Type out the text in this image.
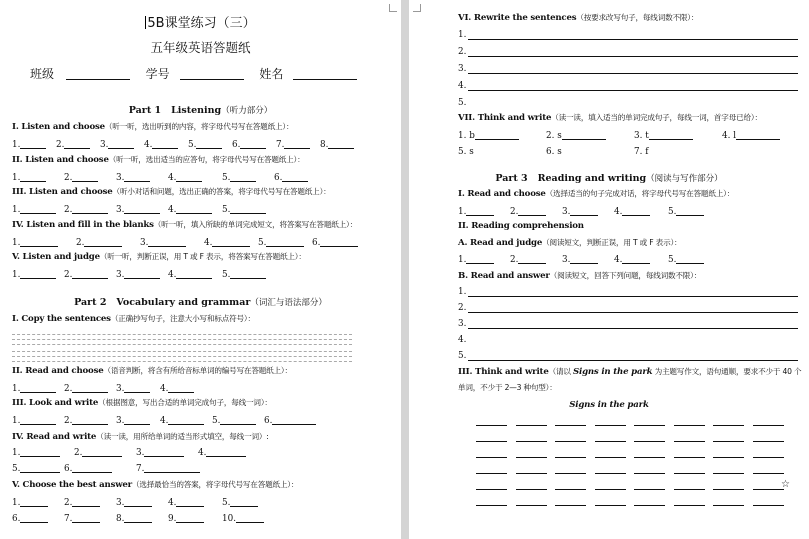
5B课堂练习（三）
五年级英语答题纸
班级	学号	姓名
Part 1 Listening（听力部分）
I. Listen and choose（听一听，选出听到的内容，将字母代号写在答题纸上）：
1.	2.	3.	4.	5.	6.	7.	8.
II. Listen and choose（听一听，选出适当的应答句，将字母代号写在答题纸上）：
1.	2.	3.	4.	5.	6.
III. Listen and choose（听小对话和问题，选出正确的答案，将字母代号写在答题纸上）：
1.	2.	3.	4.	5.
IV. Listen and fill in the blanks（听一听，填入所缺的单词完成短文，将答案写在答题纸上）：
1.	2.	3.	4.	5.	6.
V. Listen and judge（听一听，判断正误，用 T 或 F 表示，将答案写在答题纸上）：
1.	2.	3.	4.	5.
Part 2 Vocabulary and grammar（词汇与语法部分）
I. Copy the sentences（正确抄写句子，注意大小写和标点符号）：
II. Read and choose（语音判断，将含有所给音标单词的编号写在答题纸上）：
1.	2.	3.	4.
III. Look and write（根据图意，写出合适的单词完成句子，每线一词）：
1.	2.	3.	4.	5.	6.
IV. Read and write（读一读，用所给单词的适当形式填空，每线一词）:
1.	2.	3.	4.
5.	6.	7.
V. Choose the best answer（选择最恰当的答案，将字母代号写在答题纸上）：
1.	2.	3.	4.	5.
6.	7.	8.	9.	10.
VI. Rewrite the sentences（按要求改写句子，每线词数不限）：
1.
2.
3.
4.
5.
VII. Think and write（读一读，填入适当的单词完成句子，每线一词，首字母已给）：
1. b	2. s	3. t	4. l
5. s	6. s	7. f
Part 3 Reading and writing（阅读与写作部分）
I. Read and choose（选择适当的句子完成对话，将字母代号写在答题纸上）：
1.	2.	3.	4.	5.
II. Reading comprehension
A. Read and judge（阅读短文，判断正误，用 T 或 F 表示）：
1.	2.	3.	4.	5.
B. Read and answer（阅读短文，回答下列问题，每线词数不限）：
1.
2.
3.
4.
5.
III. Think and write（请以 Signs in the park 为主题写作文，语句通顺，要求不少于 40 个
单词，不少于 2—3 种句型）：
Signs in the park
☆
